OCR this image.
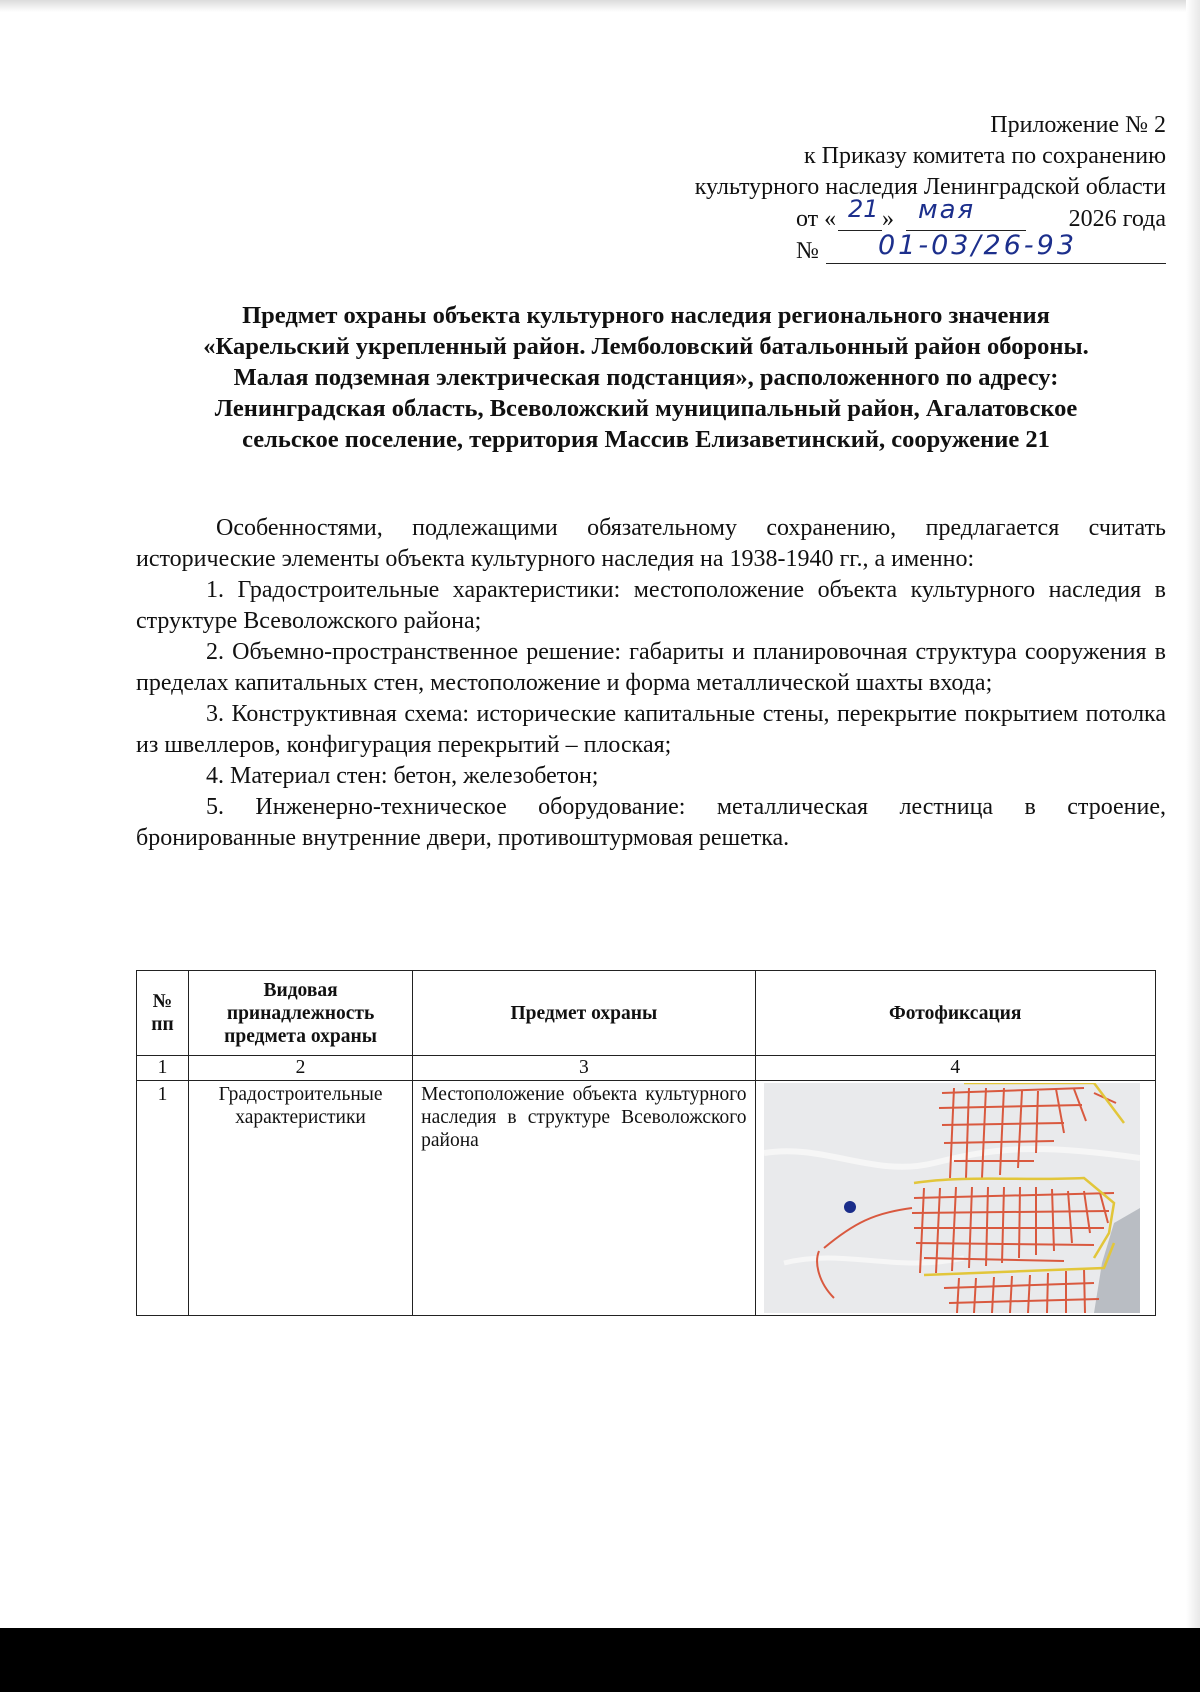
Приложение № 2
к Приказу комитета по сохранению
культурного наследия Ленинградской области
от « 21 » мая	2026 года
№ 01-03/26-93
Предмет охраны объекта культурного наследия регионального значения
«Карельский укрепленный район. Лемболовский батальонный район обороны.
Малая подземная электрическая подстанция», расположенного по адресу:
Ленинградская область, Всеволожский муниципальный район, Агалатовское
сельское поселение, территория Массив Елизаветинский, сооружение 21

Особенностями, подлежащими обязательному сохранению, предлагается считать исторические элементы объекта культурного наследия на 1938-1940 гг., а именно:

1. Градостроительные характеристики: местоположение объекта культурного наследия в структуре Всеволожского района;

2. Объемно-пространственное решение: габариты и планировочная структура сооружения в пределах капитальных стен, местоположение и форма металлической шахты входа;

3. Конструктивная схема: исторические капитальные стены, перекрытие покрытием потолка из швеллеров, конфигурация перекрытий – плоская;

4. Материал стен: бетон, железобетон;

5. Инженерно-техническое оборудование: металлическая лестница в строение, бронированные внутренние двери, противоштурмовая решетка.

№ пп	Видовая принадлежность предмета охраны	Предмет охраны	Фотофиксация
1	2	3	4
1	Градостроительные характеристики	Местоположение объекта культурного наследия в структуре Всеволожского района	
